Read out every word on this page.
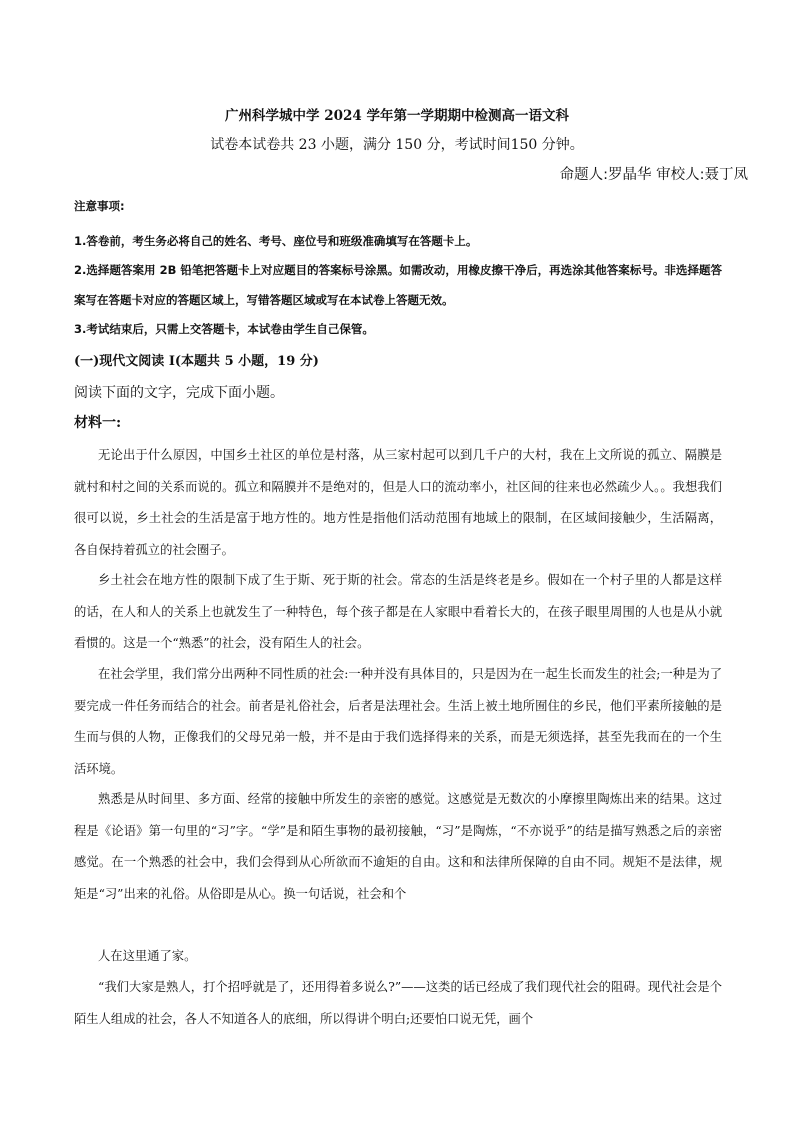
广州科学城中学 2024 学年第一学期期中检测高一语文科
试卷本试卷共 23 小题，满分 150 分，考试时间150 分钟。
命题人:罗晶华 审校人:聂丁凤
注意事项:
1.答卷前，考生务必将自己的姓名、考号、座位号和班级准确填写在答题卡上。
2.选择题答案用 2B 铅笔把答题卡上对应题目的答案标号涂黑。如需改动，用橡皮擦干净后，再选涂其他答案标号。非选择题答案写在答题卡对应的答题区域上，写错答题区域或写在本试卷上答题无效。
3.考试结束后，只需上交答题卡，本试卷由学生自己保管。
(一)现代文阅读 I(本题共 5 小题，19 分)
阅读下面的文字，完成下面小题。
材料一:
无论出于什么原因，中国乡土社区的单位是村落，从三家村起可以到几千户的大村，我在上文所说的孤立、隔膜是就村和村之间的关系而说的。孤立和隔膜并不是绝对的，但是人口的流动率小，社区间的往来也必然疏少人。。我想我们很可以说，乡土社会的生活是富于地方性的。地方性是指他们活动范围有地域上的限制，在区域间接触少，生活隔离，各自保持着孤立的社会圈子。
乡土社会在地方性的限制下成了生于斯、死于斯的社会。常态的生活是终老是乡。假如在一个村子里的人都是这样的话，在人和人的关系上也就发生了一种特色，每个孩子都是在人家眼中看着长大的，在孩子眼里周围的人也是从小就看惯的。这是一个“熟悉”的社会，没有陌生人的社会。
在社会学里，我们常分出两种不同性质的社会:一种并没有具体目的，只是因为在一起生长而发生的社会;一种是为了要完成一件任务而结合的社会。前者是礼俗社会，后者是法理社会。生活上被土地所囿住的乡民，他们平素所接触的是生而与俱的人物，正像我们的父母兄弟一般，并不是由于我们选择得来的关系，而是无须选择，甚至先我而在的一个生活环境。
熟悉是从时间里、多方面、经常的接触中所发生的亲密的感觉。这感觉是无数次的小摩擦里陶炼出来的结果。这过程是《论语》第一句里的“习”字。“学”是和陌生事物的最初接触，“习”是陶炼，“不亦说乎”的结是描写熟悉之后的亲密感觉。在一个熟悉的社会中，我们会得到从心所欲而不逾矩的自由。这和和法律所保障的自由不同。规矩不是法律，规矩是“习”出来的礼俗。从俗即是从心。换一句话说，社会和个
人在这里通了家。
“我们大家是熟人，打个招呼就是了，还用得着多说么?”——这类的话已经成了我们现代社会的阻碍。现代社会是个陌生人组成的社会，各人不知道各人的底细，所以得讲个明白;还要怕口说无凭，画个
